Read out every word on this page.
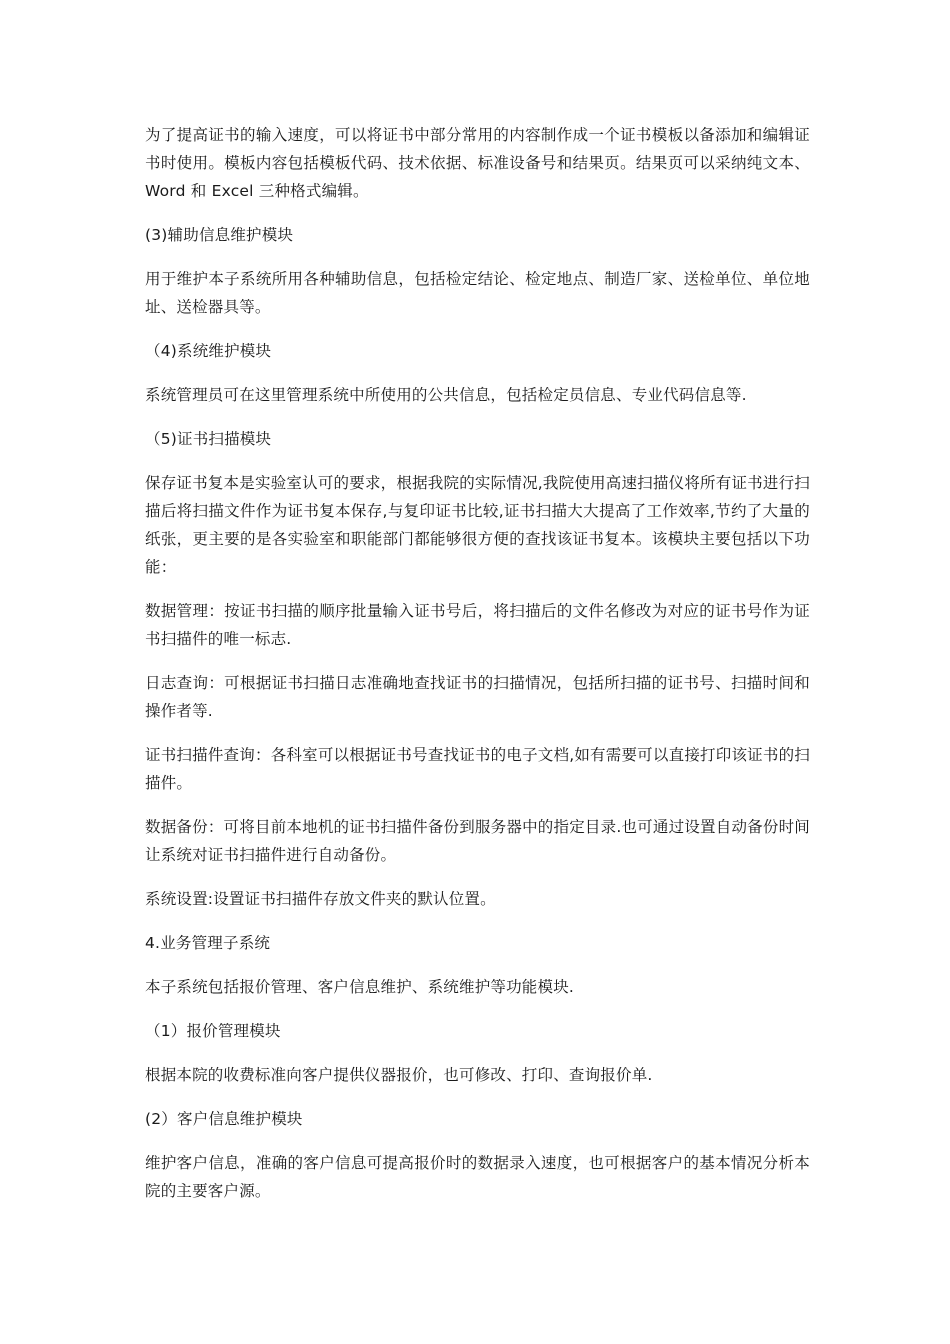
为了提高证书的输入速度，可以将证书中部分常用的内容制作成一个证书模板以备添加和编辑证书时使用。模板内容包括模板代码、技术依据、标准设备号和结果页。结果页可以采纳纯文本、Word 和 Excel 三种格式编辑。

(3)辅助信息维护模块

用于维护本子系统所用各种辅助信息，包括检定结论、检定地点、制造厂家、送检单位、单位地址、送检器具等。

（4)系统维护模块

系统管理员可在这里管理系统中所使用的公共信息，包括检定员信息、专业代码信息等.

（5)证书扫描模块

保存证书复本是实验室认可的要求，根据我院的实际情况,我院使用高速扫描仪将所有证书进行扫描后将扫描文件作为证书复本保存,与复印证书比较,证书扫描大大提高了工作效率,节约了大量的纸张，更主要的是各实验室和职能部门都能够很方便的查找该证书复本。该模块主要包括以下功能：

数据管理：按证书扫描的顺序批量输入证书号后，将扫描后的文件名修改为对应的证书号作为证书扫描件的唯一标志.

日志查询：可根据证书扫描日志准确地查找证书的扫描情况，包括所扫描的证书号、扫描时间和操作者等.

证书扫描件查询：各科室可以根据证书号查找证书的电子文档,如有需要可以直接打印该证书的扫描件。

数据备份：可将目前本地机的证书扫描件备份到服务器中的指定目录.也可通过设置自动备份时间让系统对证书扫描件进行自动备份。

系统设置:设置证书扫描件存放文件夹的默认位置。

4.业务管理子系统

本子系统包括报价管理、客户信息维护、系统维护等功能模块.

（1）报价管理模块

根据本院的收费标准向客户提供仪器报价，也可修改、打印、查询报价单.

(2）客户信息维护模块

维护客户信息，准确的客户信息可提高报价时的数据录入速度，也可根据客户的基本情况分析本院的主要客户源。
